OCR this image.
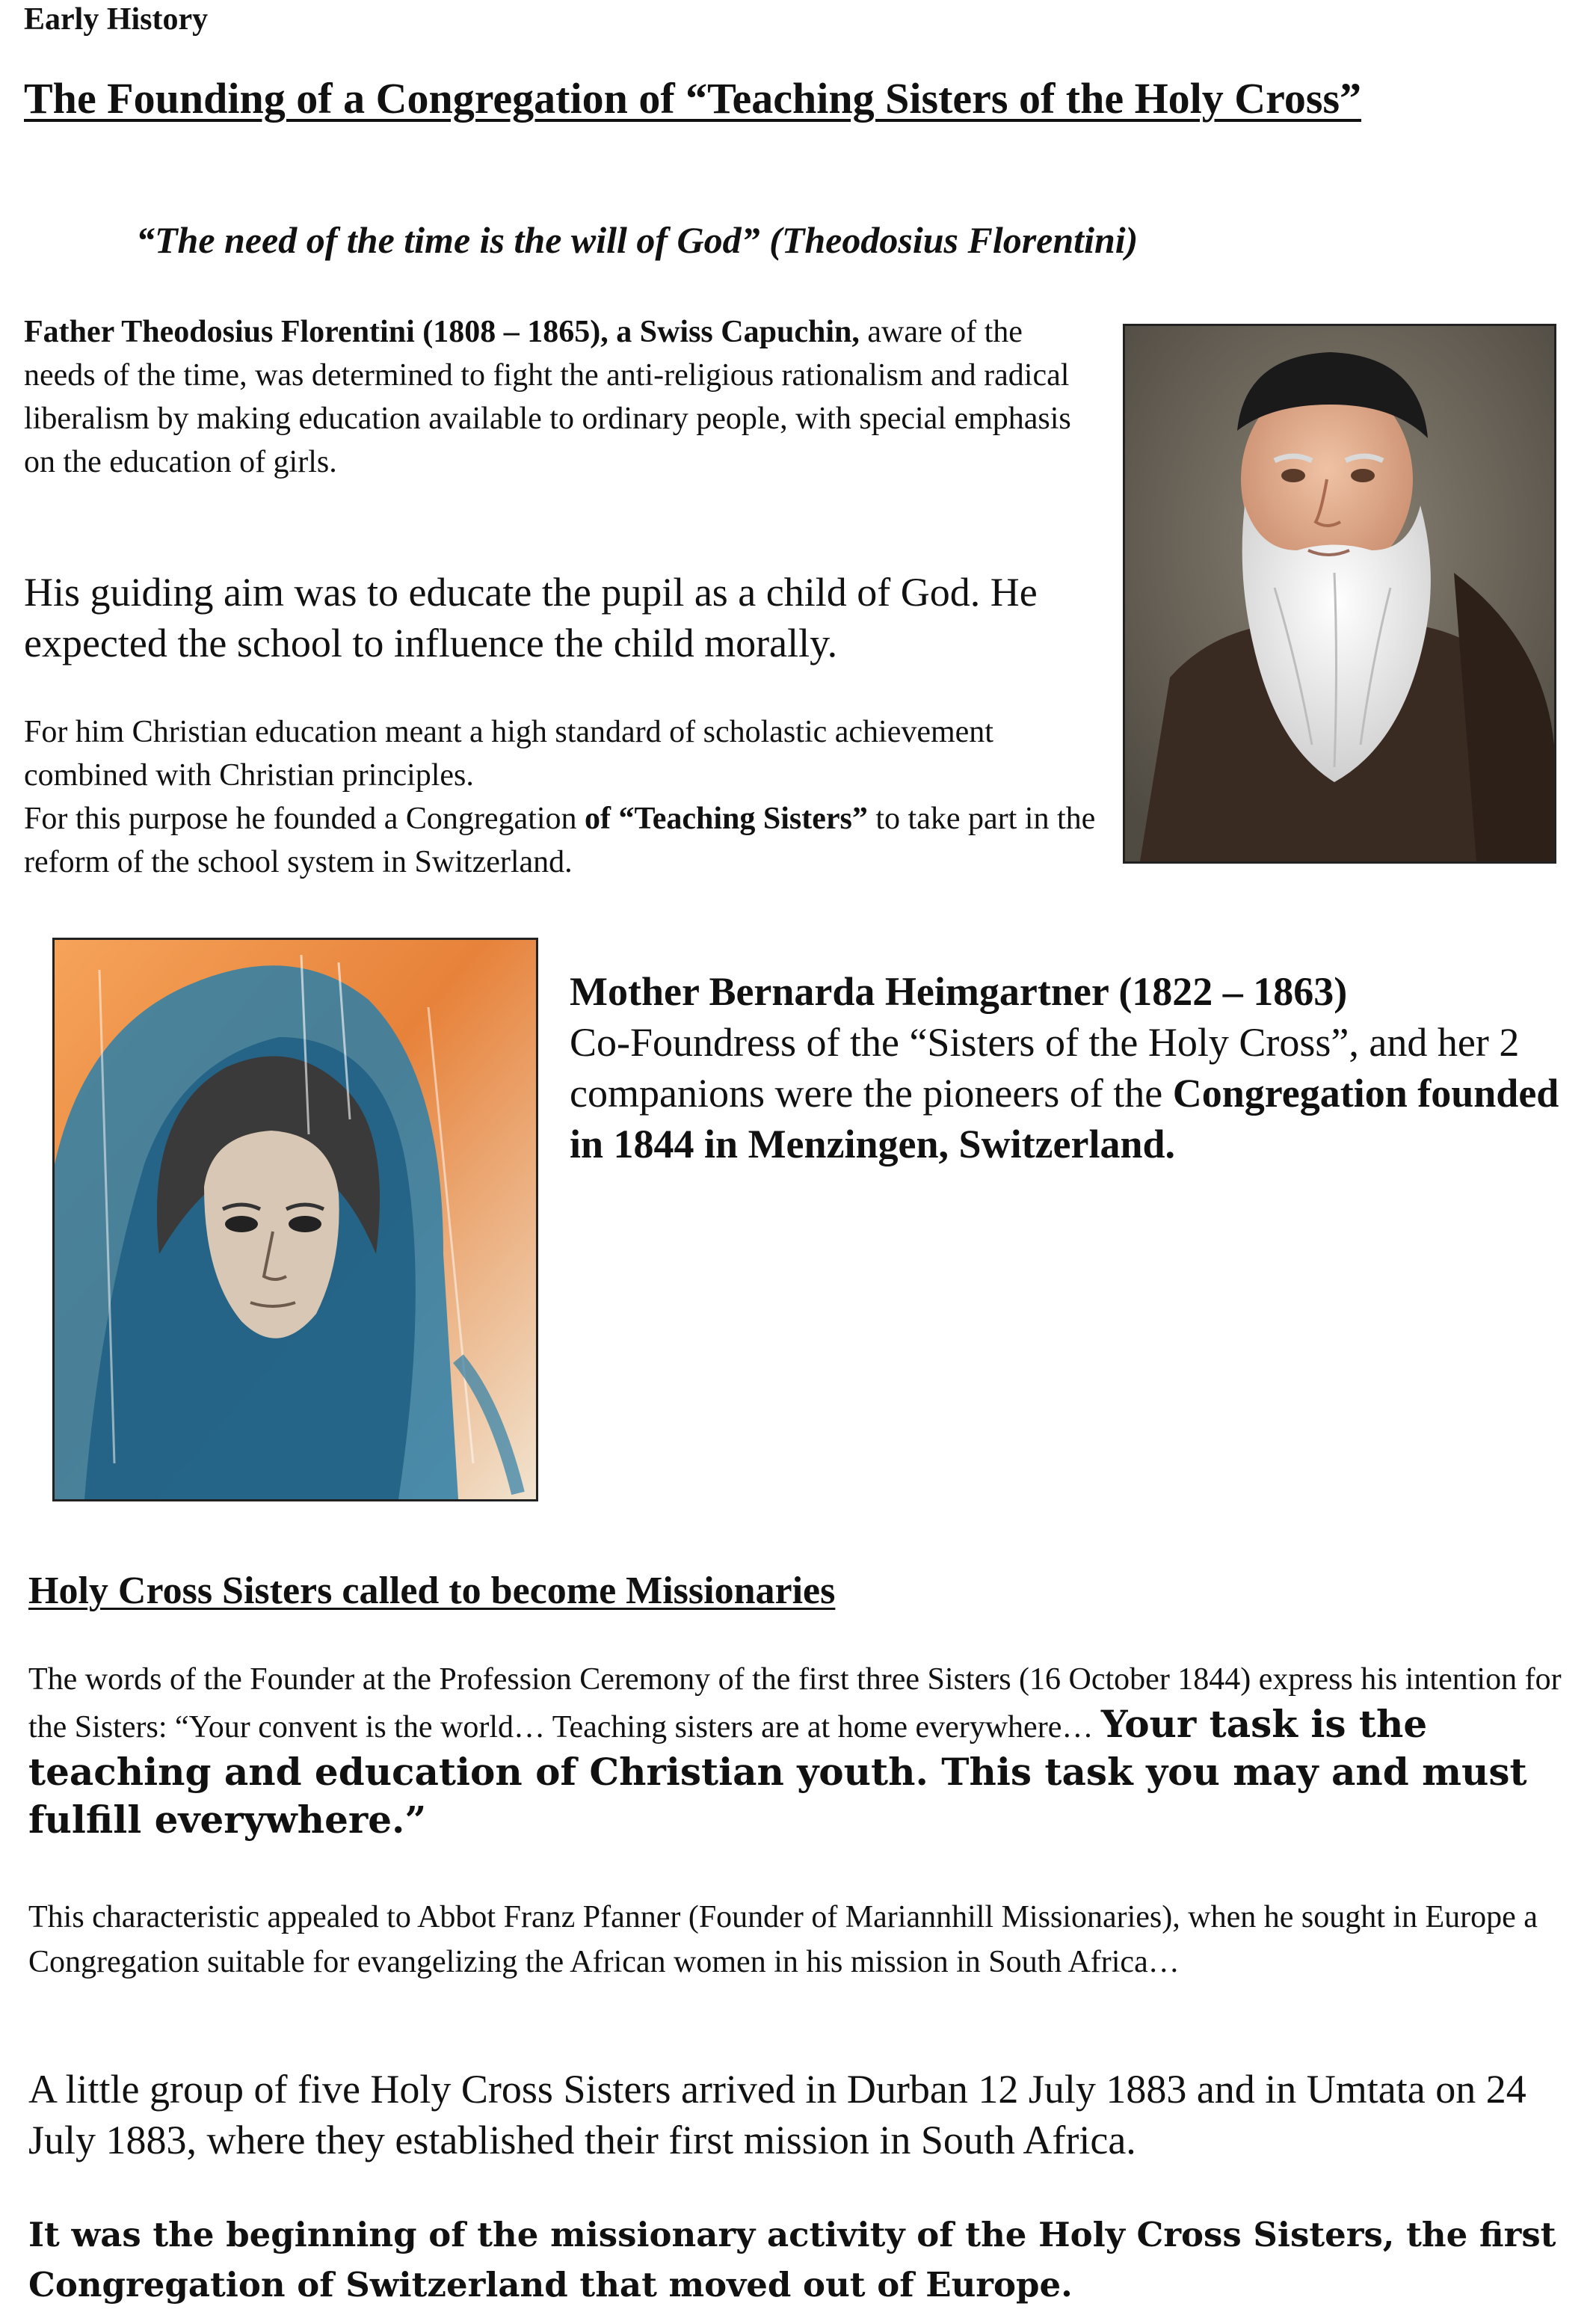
Early History

The Founding of a Congregation of “Teaching Sisters of the Holy Cross”

“The need of the time is the will of God” (Theodosius Florentini)

Father Theodosius Florentini (1808 – 1865), a Swiss Capuchin, aware of the needs of the time, was determined to fight the anti-religious rationalism and radical liberalism by making education available to ordinary people, with special emphasis on the education of girls.

His guiding aim was to educate the pupil as a child of God. He expected the school to influence the child morally.

For him Christian education meant a high standard of scholastic achievement combined with Christian principles.
For this purpose he founded a Congregation of “Teaching Sisters” to take part in the reform of the school system in Switzerland.

Mother Bernarda Heimgartner (1822 – 1863)
Co-Foundress of the “Sisters of the Holy Cross”, and her 2 companions were the pioneers of the Congregation founded in 1844 in Menzingen, Switzerland.

Holy Cross Sisters called to become Missionaries

The words of the Founder at the Profession Ceremony of the first three Sisters (16 October 1844) express his intention for the Sisters: “Your convent is the world… Teaching sisters are at home everywhere… Your task is the teaching and education of Christian youth. This task you may and must fulfill everywhere.”

This characteristic appealed to Abbot Franz Pfanner (Founder of Mariannhill Missionaries), when he sought in Europe a Congregation suitable for evangelizing the African women in his mission in South Africa…

A little group of five Holy Cross Sisters arrived in Durban 12 July 1883 and in Umtata on 24 July 1883, where they established their first mission in South Africa.

It was the beginning of the missionary activity of the Holy Cross Sisters, the first Congregation of Switzerland that moved out of Europe.
